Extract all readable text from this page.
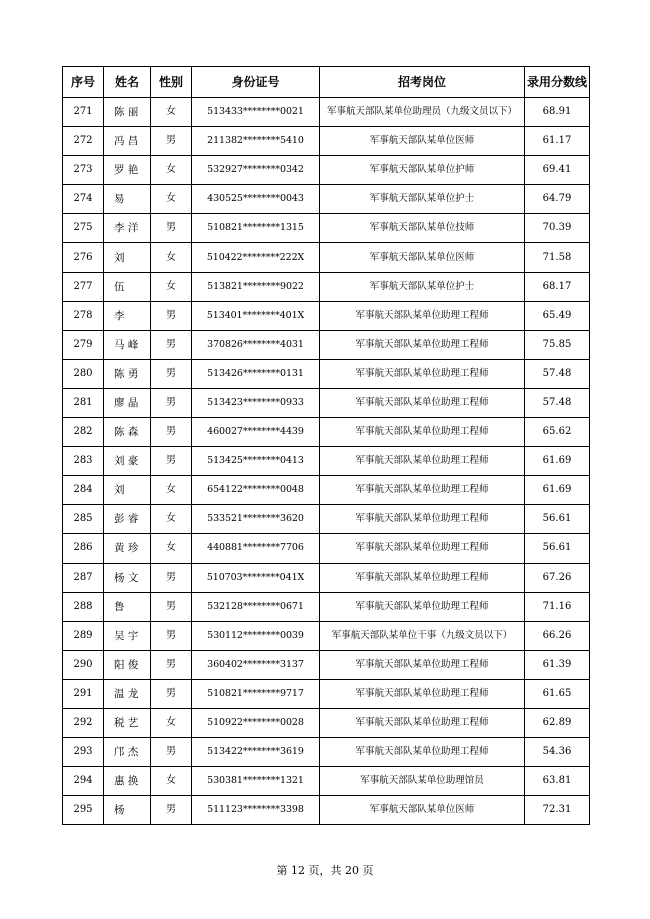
序号	姓名	性别	身份证号	招考岗位	录用分数线
271	陈 丽	女	513433********0021	军事航天部队某单位助理员（九级文员以下）	68.91
272	冯 昌	男	211382********5410	军事航天部队某单位医师	61.17
273	罗 艳	女	532927********0342	军事航天部队某单位护师	69.41
274	易	女	430525********0043	军事航天部队某单位护士	64.79
275	李 洋	男	510821********1315	军事航天部队某单位技师	70.39
276	刘	女	510422********222X	军事航天部队某单位医师	71.58
277	伍	女	513821********9022	军事航天部队某单位护士	68.17
278	李	男	513401********401X	军事航天部队某单位助理工程师	65.49
279	马 峰	男	370826********4031	军事航天部队某单位助理工程师	75.85
280	陈 勇	男	513426********0131	军事航天部队某单位助理工程师	57.48
281	廖 晶	男	513423********0933	军事航天部队某单位助理工程师	57.48
282	陈 森	男	460027********4439	军事航天部队某单位助理工程师	65.62
283	刘 豪	男	513425********0413	军事航天部队某单位助理工程师	61.69
284	刘	女	654122********0048	军事航天部队某单位助理工程师	61.69
285	彭 睿	女	533521********3620	军事航天部队某单位助理工程师	56.61
286	黄 珍	女	440881********7706	军事航天部队某单位助理工程师	56.61
287	杨 文	男	510703********041X	军事航天部队某单位助理工程师	67.26
288	鲁	男	532128********0671	军事航天部队某单位助理工程师	71.16
289	吴 宇	男	530112********0039	军事航天部队某单位干事（九级文员以下）	66.26
290	阳 俊	男	360402********3137	军事航天部队某单位助理工程师	61.39
291	温 龙	男	510821********9717	军事航天部队某单位助理工程师	61.65
292	税 艺	女	510922********0028	军事航天部队某单位助理工程师	62.89
293	邝 杰	男	513422********3619	军事航天部队某单位助理工程师	54.36
294	惠 换	女	530381********1321	军事航天部队某单位助理馆员	63.81
295	杨	男	511123********3398	军事航天部队某单位医师	72.31
第 12 页，共 20 页
